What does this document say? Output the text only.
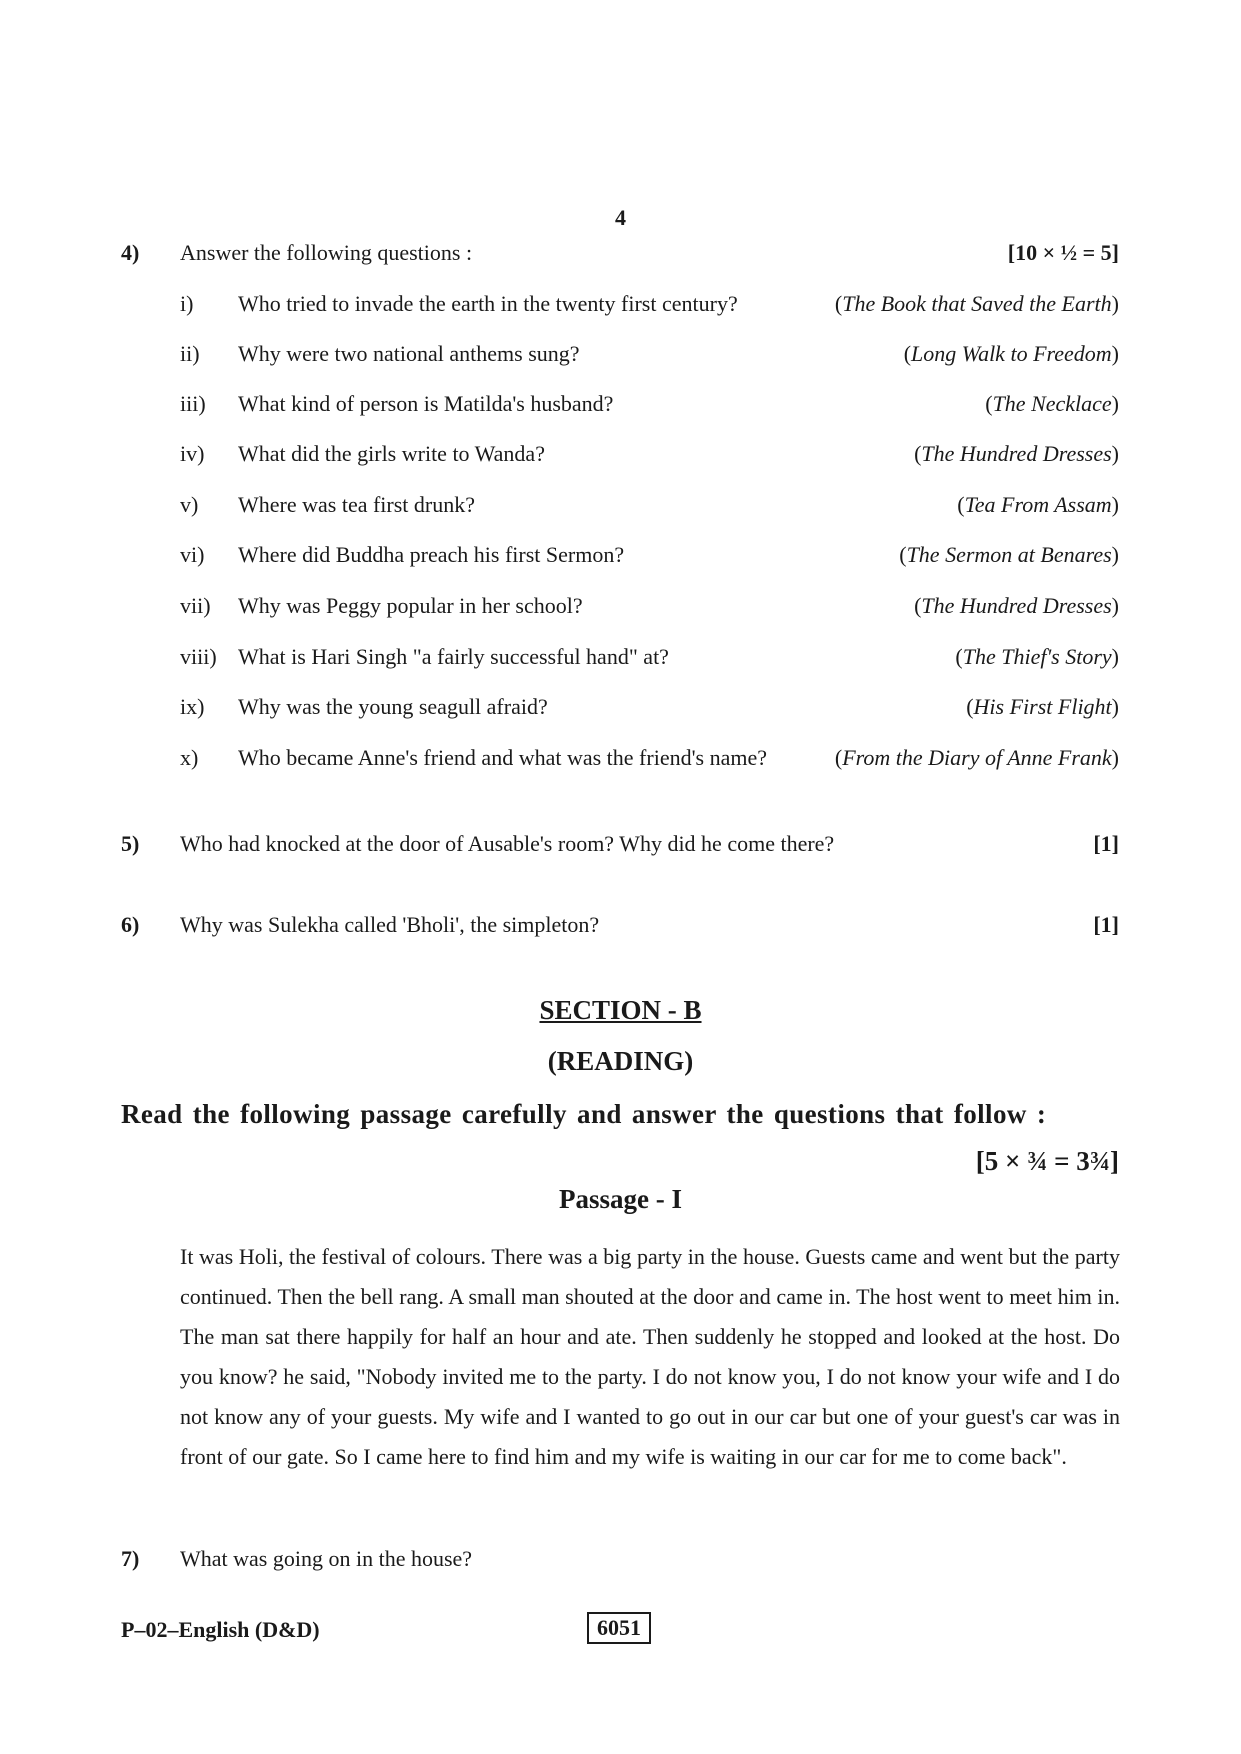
4
4) Answer the following questions :	[10 × ½ = 5]
i) Who tried to invade the earth in the twenty first century?	(The Book that Saved the Earth)
ii) Why were two national anthems sung?	(Long Walk to Freedom)
iii) What kind of person is Matilda's husband?	(The Necklace)
iv) What did the girls write to Wanda?	(The Hundred Dresses)
v) Where was tea first drunk?	(Tea From Assam)
vi) Where did Buddha preach his first Sermon?	(The Sermon at Benares)
vii) Why was Peggy popular in her school?	(The Hundred Dresses)
viii) What is Hari Singh "a fairly successful hand" at?	(The Thief's Story)
ix) Why was the young seagull afraid?	(His First Flight)
x) Who became Anne's friend and what was the friend's name?	(From the Diary of Anne Frank)
5) Who had knocked at the door of Ausable's room? Why did he come there?	[1]
6) Why was Sulekha called 'Bholi', the simpleton?	[1]
SECTION - B
(READING)
Read the following passage carefully and answer the questions that follow :
[5 × ¾ = 3¾]
Passage - I
It was Holi, the festival of colours. There was a big party in the house. Guests came and went but the party continued. Then the bell rang. A small man shouted at the door and came in. The host went to meet him in. The man sat there happily for half an hour and ate. Then suddenly he stopped and looked at the host. Do you know? he said, "Nobody invited me to the party. I do not know you, I do not know your wife and I do not know any of your guests. My wife and I wanted to go out in our car but one of your guest's car was in front of our gate. So I came here to find him and my wife is waiting in our car for me to come back".
7) What was going on in the house?
P–02–English (D&D)	6051
